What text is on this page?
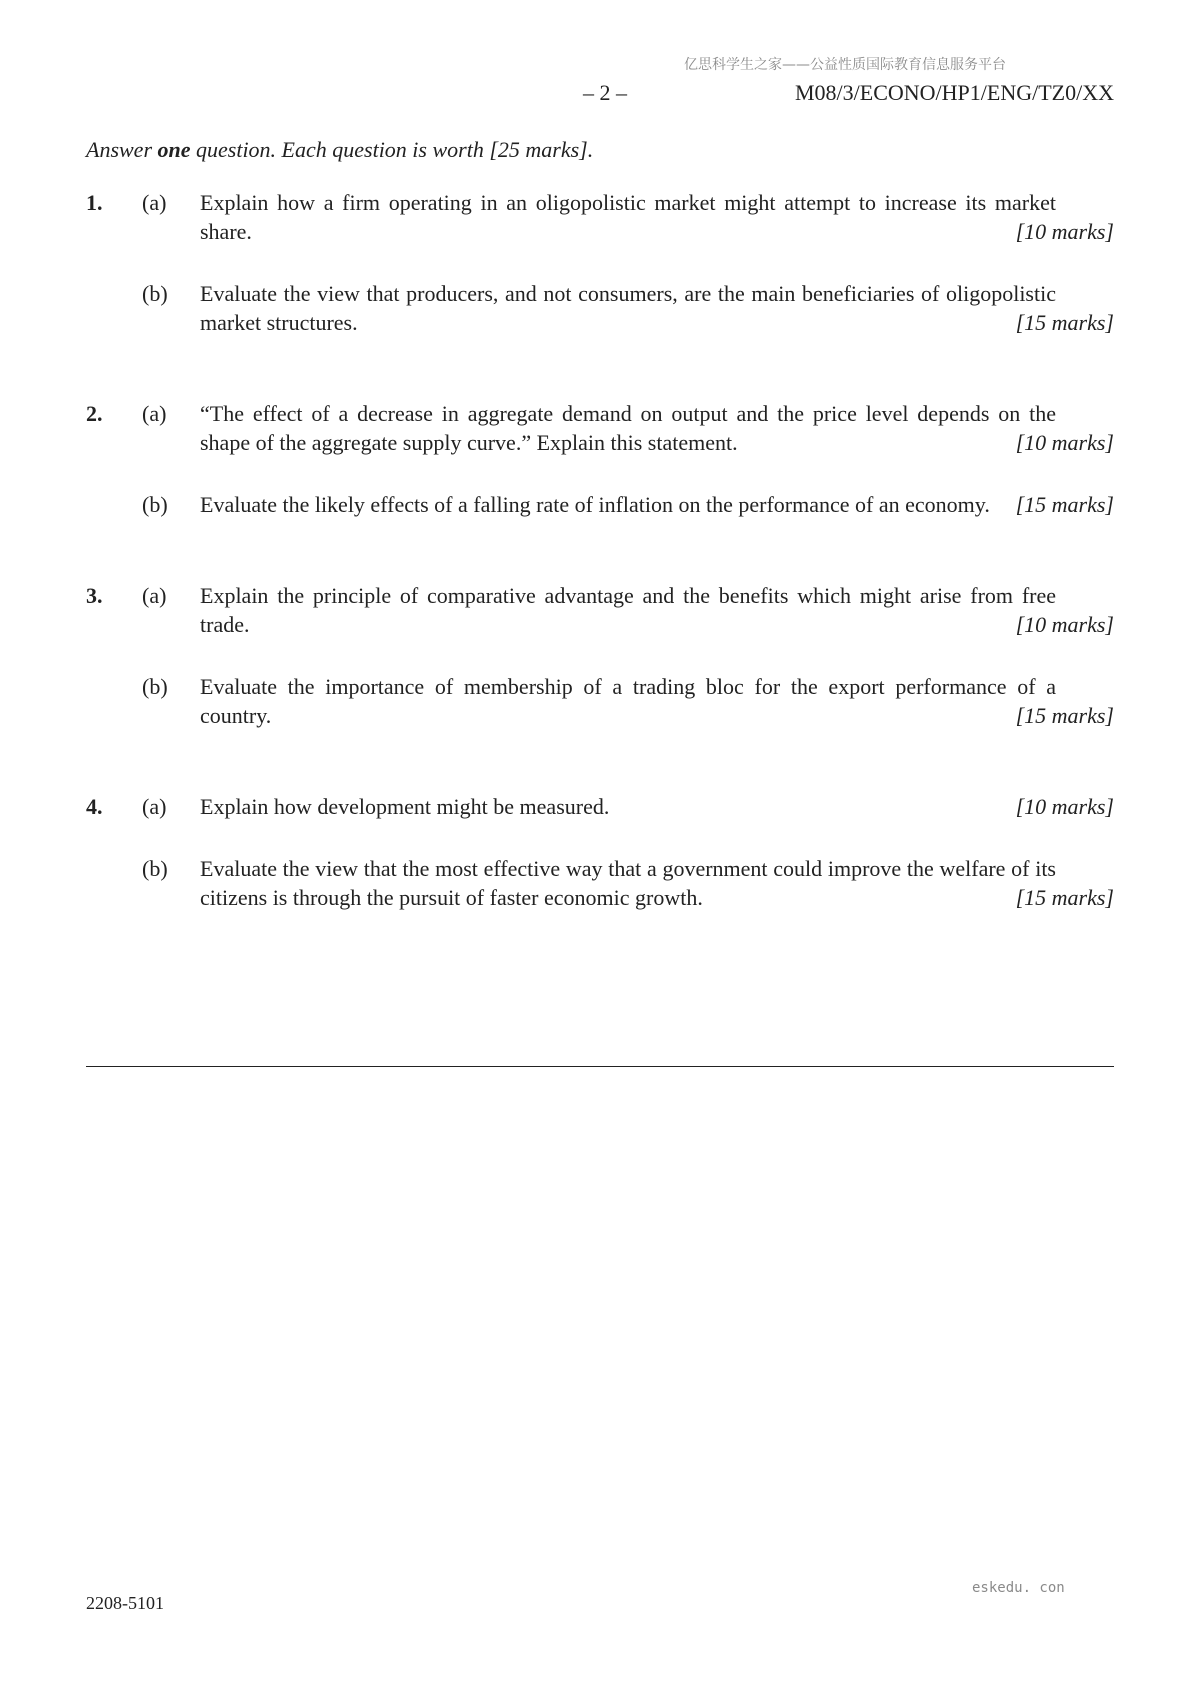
亿思科学生之家——公益性质国际教育信息服务平台
– 2 –	M08/3/ECONO/HP1/ENG/TZ0/XX
Answer one question. Each question is worth [25 marks].
1.	(a)	Explain how a firm operating in an oligopolistic market might attempt to increase its market share.	[10 marks]
(b)	Evaluate the view that producers, and not consumers, are the main beneficiaries of oligopolistic market structures.	[15 marks]
2.	(a)	“The effect of a decrease in aggregate demand on output and the price level depends on the shape of the aggregate supply curve.” Explain this statement.	[10 marks]
(b)	Evaluate the likely effects of a falling rate of inflation on the performance of an economy.	[15 marks]
3.	(a)	Explain the principle of comparative advantage and the benefits which might arise from free trade.	[10 marks]
(b)	Evaluate the importance of membership of a trading bloc for the export performance of a country.	[15 marks]
4.	(a)	Explain how development might be measured.	[10 marks]
(b)	Evaluate the view that the most effective way that a government could improve the welfare of its citizens is through the pursuit of faster economic growth.	[15 marks]
eskedu. con
2208-5101
